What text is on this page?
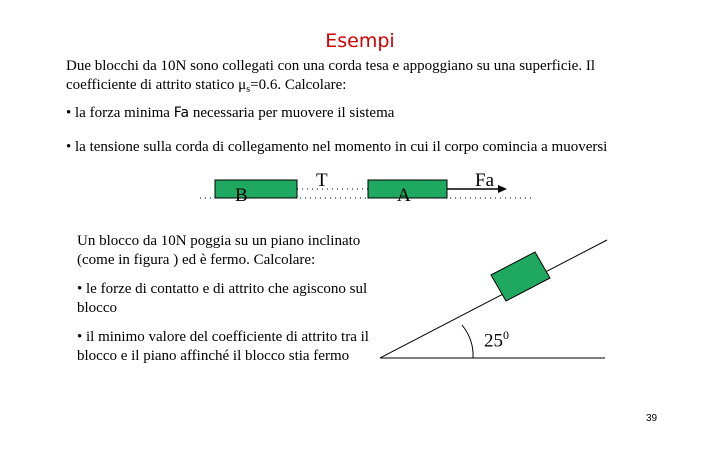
Esempi

Due blocchi da 10N sono collegati con una corda tesa e appoggiano su una superficie. Il coefficiente di attrito statico $\mu_s=0.6$. Calcolare:

• la forza minima Fa necessaria per muovere il sistema

• la tensione sulla corda di collegamento nel momento in cui il corpo comincia a muoversi

B
T
A
Fa

Un blocco da 10N poggia su un piano inclinato (come in figura ) ed è fermo. Calcolare:

• le forze di contatto e di attrito che agiscono sul blocco

• il minimo valore del coefficiente di attrito tra il blocco e il piano affinché il blocco stia fermo

$25^0$
39
